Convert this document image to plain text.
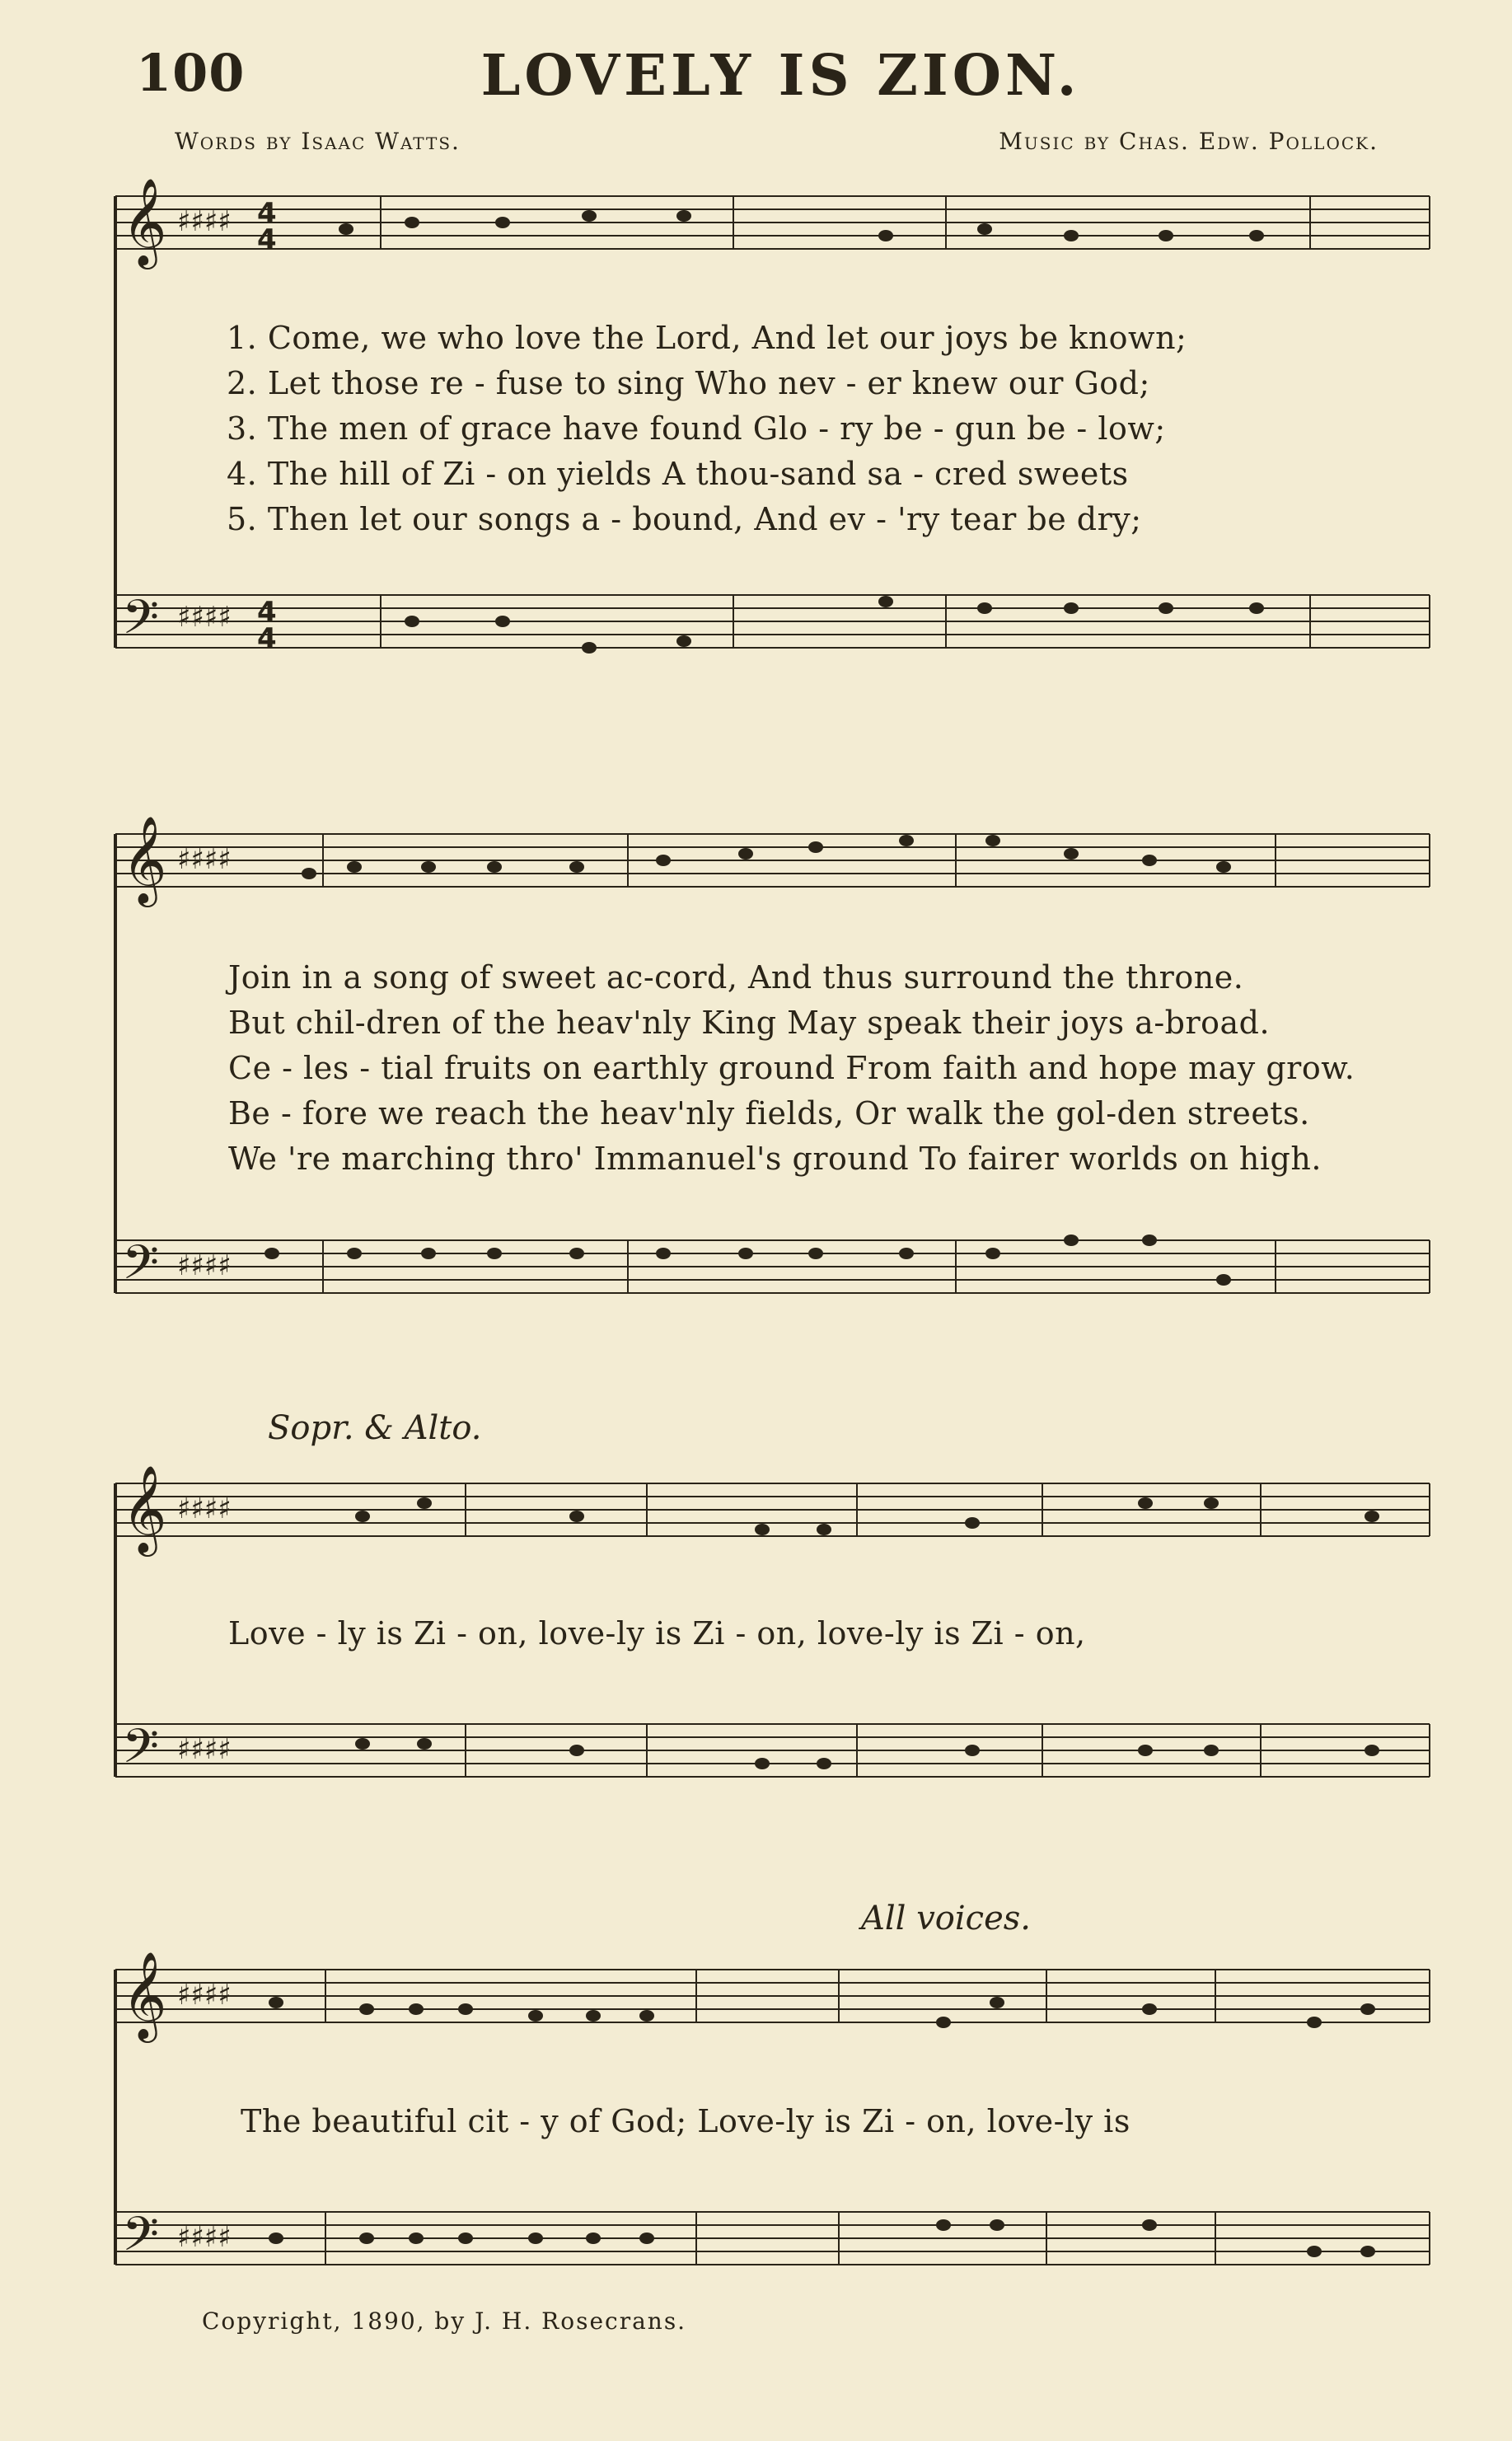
100	LOVELY IS ZION.
Words by Isaac Watts.	Music by Chas. Edw. Pollock.
𝄞
𝄢
𝄞
𝄢
𝄞
𝄢
𝄞
𝄢
♯♯♯♯
♯♯♯♯
♯♯♯♯
♯♯♯♯
♯♯♯♯
♯♯♯♯
♯♯♯♯
♯♯♯♯
4
4
4
4
1. Come, we who love the Lord, And let our joys be known;
2. Let those re - fuse to sing Who nev - er knew our God;
3. The men of grace have found Glo - ry be - gun be - low;
4. The hill of Zi - on yields A thou-sand sa - cred sweets
5. Then let our songs a - bound, And ev - 'ry tear be dry;
Join in a song of sweet ac-cord, And thus surround the throne.
But chil-dren of the heav'nly King May speak their joys a-broad.
Ce - les - tial fruits on earthly ground From faith and hope may grow.
Be - fore we reach the heav'nly fields, Or walk the gol-den streets.
We 're marching thro' Immanuel's ground To fairer worlds on high.
Sopr. & Alto.
Love - ly is Zi - on, love-ly is Zi - on, love-ly is Zi - on,
All voices.
The beautiful cit - y of God; Love-ly is Zi - on, love-ly is
Copyright, 1890, by J. H. Rosecrans.
